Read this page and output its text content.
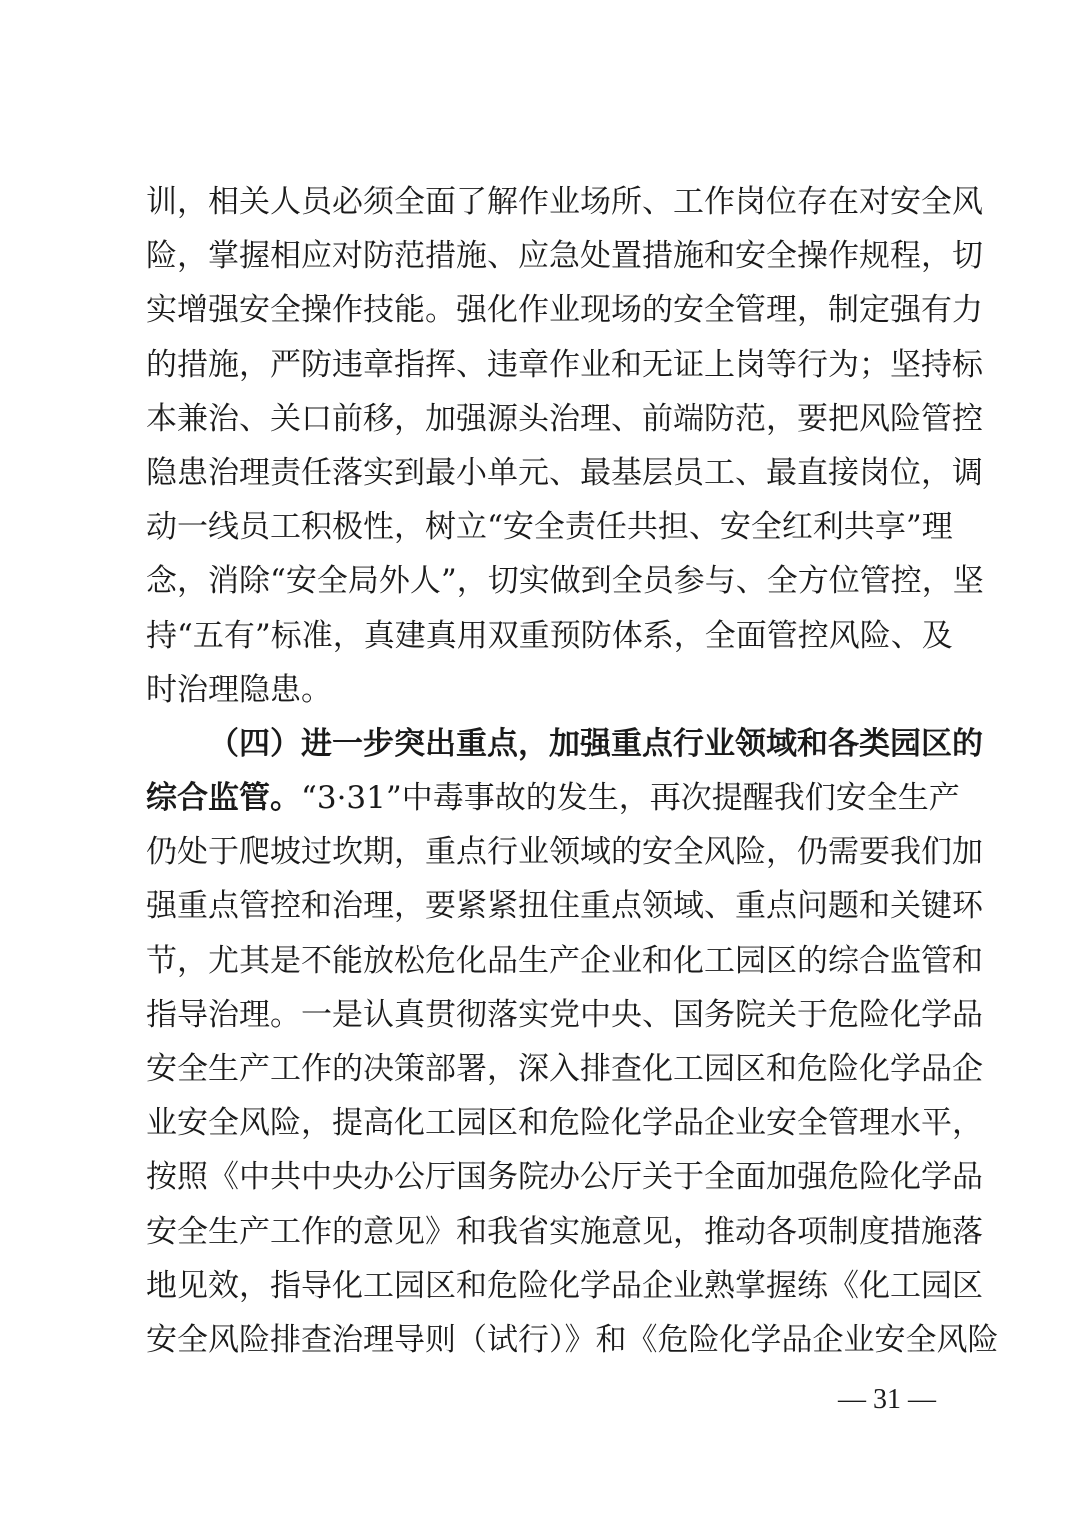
训，相关人员必须全面了解作业场所、工作岗位存在对安全风
险，掌握相应对防范措施、应急处置措施和安全操作规程，切
实增强安全操作技能。强化作业现场的安全管理，制定强有力
的措施，严防违章指挥、违章作业和无证上岗等行为；坚持标
本兼治、关口前移，加强源头治理、前端防范，要把风险管控
隐患治理责任落实到最小单元、最基层员工、最直接岗位，调
动一线员工积极性，树立“安全责任共担、安全红利共享”理
念，消除“安全局外人”，切实做到全员参与、全方位管控，坚
持“五有”标准，真建真用双重预防体系，全面管控风险、及
时治理隐患。
（四）进一步突出重点，加强重点行业领域和各类园区的
综合监管。“3·31”中毒事故的发生，再次提醒我们安全生产
仍处于爬坡过坎期，重点行业领域的安全风险，仍需要我们加
强重点管控和治理，要紧紧扭住重点领域、重点问题和关键环
节，尤其是不能放松危化品生产企业和化工园区的综合监管和
指导治理。一是认真贯彻落实党中央、国务院关于危险化学品
安全生产工作的决策部署，深入排查化工园区和危险化学品企
业安全风险，提高化工园区和危险化学品企业安全管理水平，
按照《中共中央办公厅国务院办公厅关于全面加强危险化学品
安全生产工作的意见》和我省实施意见，推动各项制度措施落
地见效，指导化工园区和危险化学品企业熟掌握练《化工园区
安全风险排查治理导则（试行）》和《危险化学品企业安全风险
— 31 —
